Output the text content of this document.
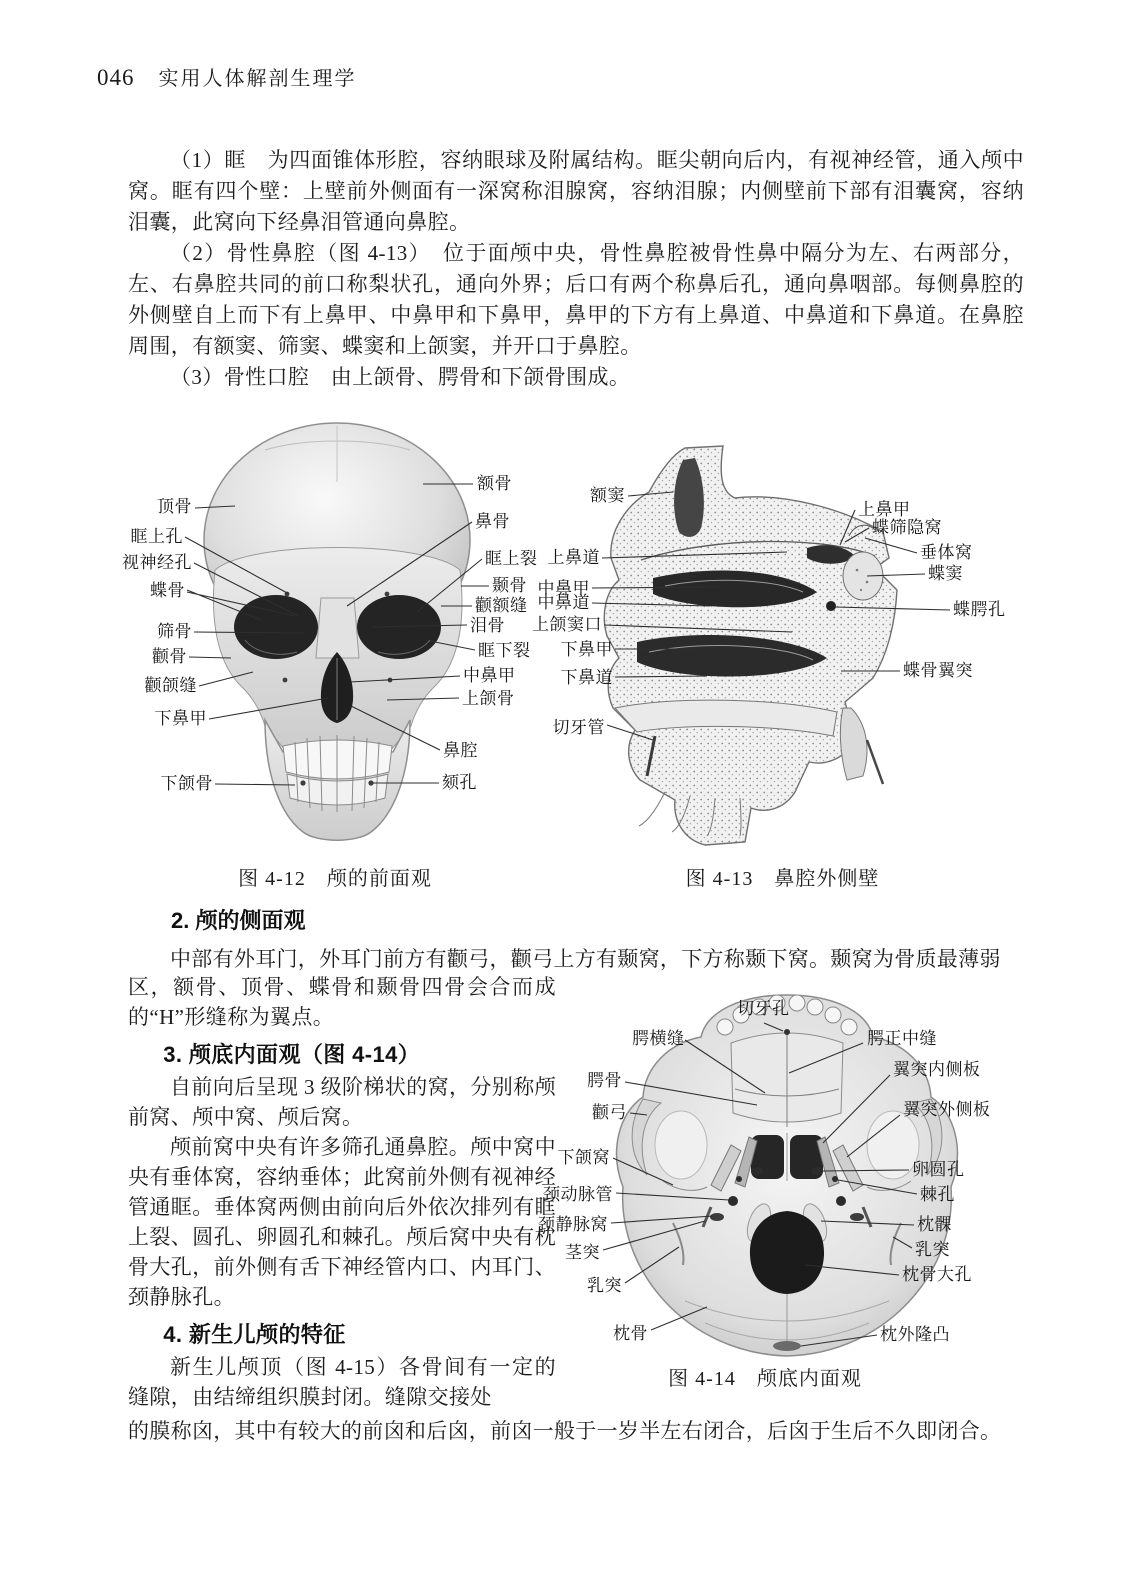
046 实用人体解剖生理学

（1）眶　为四面锥体形腔，容纳眼球及附属结构。眶尖朝向后内，有视神经管，通入颅中窝。眶有四个壁：上壁前外侧面有一深窝称泪腺窝，容纳泪腺；内侧壁前下部有泪囊窝，容纳泪囊，此窝向下经鼻泪管通向鼻腔。

（2）骨性鼻腔（图 4-13）　位于面颅中央，骨性鼻腔被骨性鼻中隔分为左、右两部分，左、右鼻腔共同的前口称梨状孔，通向外界；后口有两个称鼻后孔，通向鼻咽部。每侧鼻腔的外侧壁自上而下有上鼻甲、中鼻甲和下鼻甲，鼻甲的下方有上鼻道、中鼻道和下鼻道。在鼻腔周围，有额窦、筛窦、蝶窦和上颌窦，并开口于鼻腔。

（3）骨性口腔　由上颌骨、腭骨和下颌骨围成。

顶骨
眶上孔
视神经孔
蝶骨
筛骨
颧骨
颧颌缝
下鼻甲
下颌骨
额骨
鼻骨
眶上裂
颞骨
颧额缝
泪骨
眶下裂
中鼻甲
上颌骨
鼻腔
颏孔
图 4-12　颅的前面观
额窦
上鼻道
中鼻甲
中鼻道
上颌窦口
下鼻甲
下鼻道
切牙管
上鼻甲
蝶筛隐窝
垂体窝
蝶窦
蝶腭孔
蝶骨翼突
图 4-13　鼻腔外侧壁
2. 颅的侧面观
中部有外耳门，外耳门前方有颧弓，颧弓上方有颞窝，下方称颞下窝。颞窝为骨质最薄弱

区，额骨、顶骨、蝶骨和颞骨四骨会合而成的“H”形缝称为翼点。

3. 颅底内面观（图 4-14）

自前向后呈现 3 级阶梯状的窝，分别称颅前窝、颅中窝、颅后窝。

颅前窝中央有许多筛孔通鼻腔。颅中窝中央有垂体窝，容纳垂体；此窝前外侧有视神经管通眶。垂体窝两侧由前向后外依次排列有眶上裂、圆孔、卵圆孔和棘孔。颅后窝中央有枕骨大孔，前外侧有舌下神经管内口、内耳门、颈静脉孔。

4. 新生儿颅的特征

新生儿颅顶（图 4-15）各骨间有一定的缝隙，由结缔组织膜封闭。缝隙交接处

切牙孔
腭横缝	腭正中缝
腭骨
颧弓
下颌窝
颈动脉管
颈静脉窝
茎突
乳突
枕骨
翼突内侧板
翼突外侧板
卵圆孔
棘孔
枕髁
乳突
枕骨大孔
枕外隆凸
图 4-14　颅底内面观
的膜称囟，其中有较大的前囟和后囟，前囟一般于一岁半左右闭合，后囟于生后不久即闭合。
